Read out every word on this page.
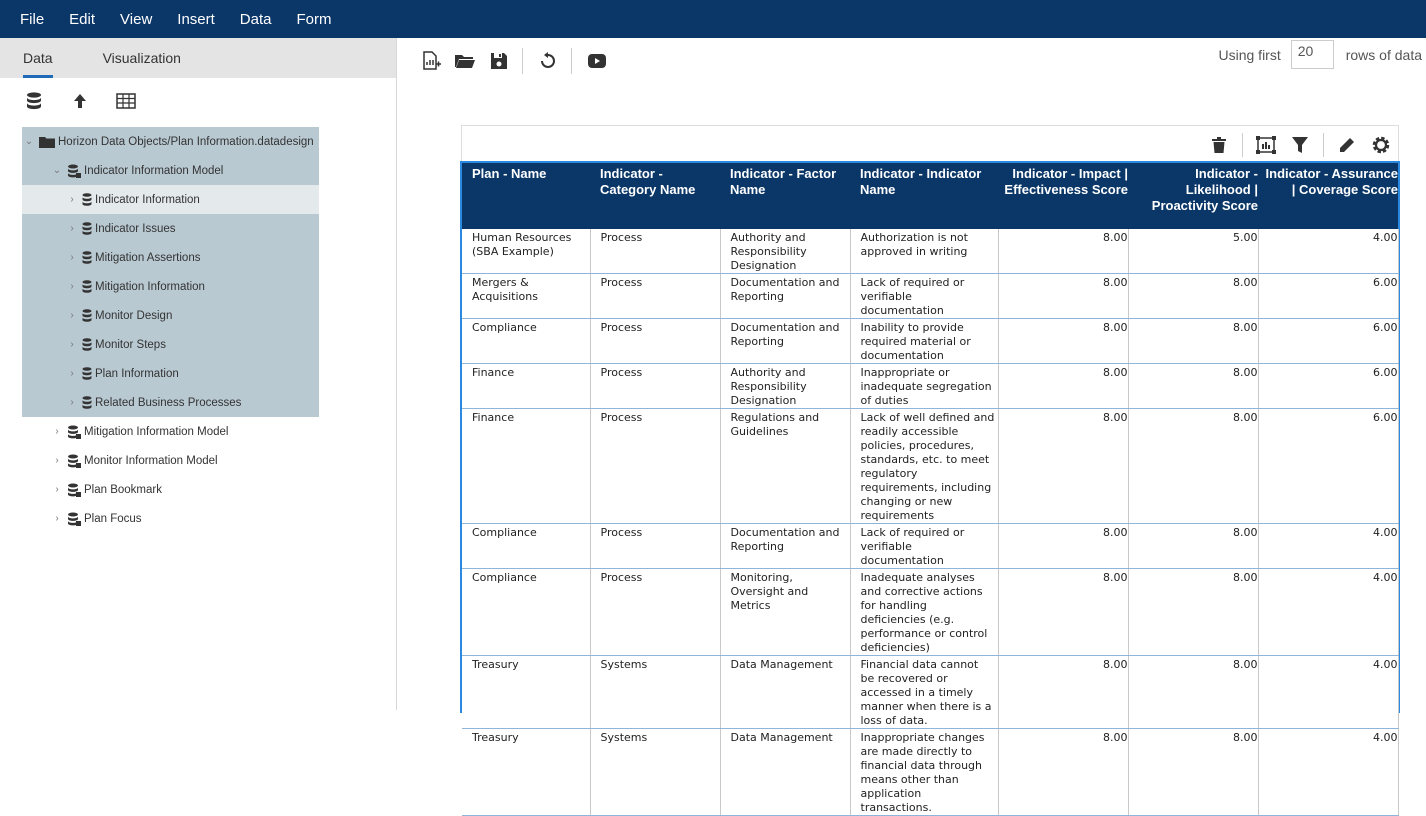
File Edit View Insert Data Form
Data	Visualization
⌄ Horizon Data Objects/Plan Information.datadesign
⌄ Indicator Information Model
› Indicator Information
› Indicator Issues
› Mitigation Assertions
› Mitigation Information
› Monitor Design
› Monitor Steps
› Plan Information
› Related Business Processes
› Mitigation Information Model
› Monitor Information Model
› Plan Bookmark
› Plan Focus
Using first	20	rows of data
Plan - Name	Indicator - Category Name	Indicator - Factor Name	Indicator - Indicator Name	Indicator - Impact | Effectiveness Score	Indicator - Likelihood | Proactivity Score	Indicator - Assurance | Coverage Score
Human Resources (SBA Example)	Process	Authority and Responsibility Designation	Authorization is not approved in writing	8.00	5.00	4.00
Mergers & Acquisitions	Process	Documentation and Reporting	Lack of required or verifiable documentation	8.00	8.00	6.00
Compliance	Process	Documentation and Reporting	Inability to provide required material or documentation	8.00	8.00	6.00
Finance	Process	Authority and Responsibility Designation	Inappropriate or inadequate segregation of duties	8.00	8.00	6.00
Finance	Process	Regulations and Guidelines	Lack of well defined and readily accessible policies, procedures, standards, etc. to meet regulatory requirements, including changing or new requirements	8.00	8.00	6.00
Compliance	Process	Documentation and Reporting	Lack of required or verifiable documentation	8.00	8.00	4.00
Compliance	Process	Monitoring, Oversight and Metrics	Inadequate analyses and corrective actions for handling deficiencies (e.g. performance or control deficiencies)	8.00	8.00	4.00
Treasury	Systems	Data Management	Financial data cannot be recovered or accessed in a timely manner when there is a loss of data.	8.00	8.00	4.00
Treasury	Systems	Data Management	Inappropriate changes are made directly to financial data through means other than application transactions.	8.00	8.00	4.00
